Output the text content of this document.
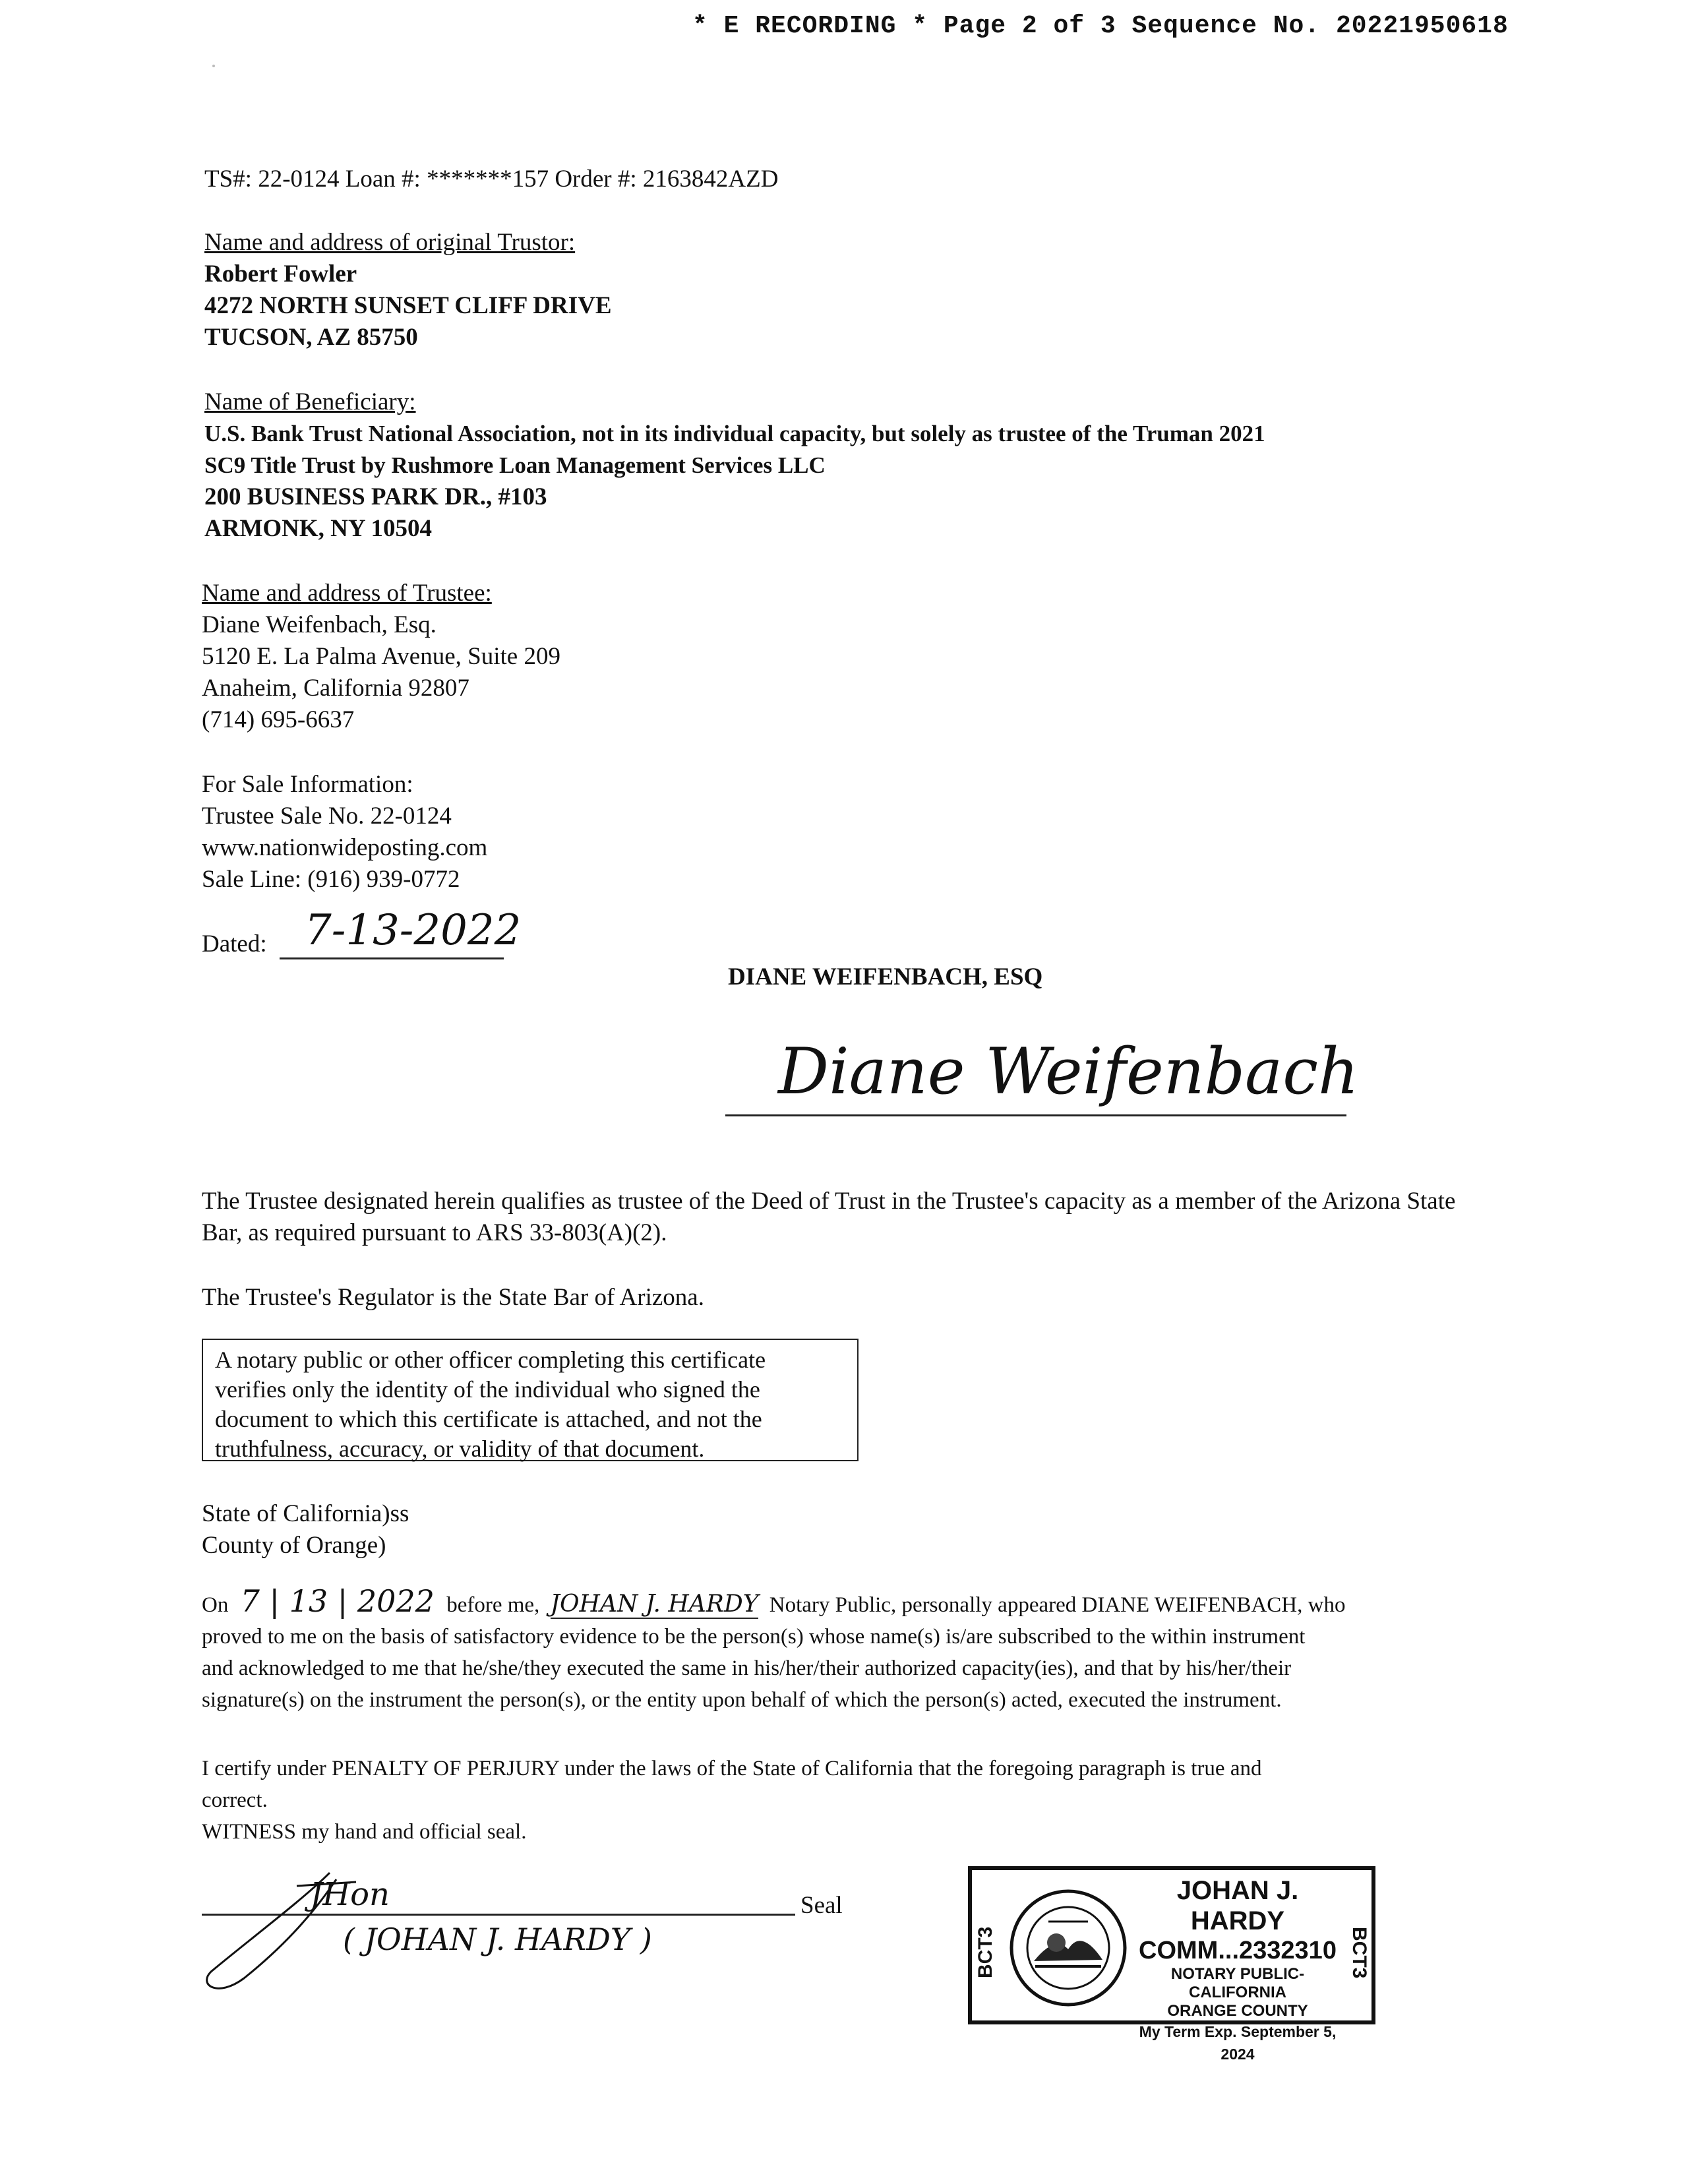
* E RECORDING * Page 2 of 3 Sequence No. 20221950618
TS#: 22-0124 Loan #: *******157 Order #: 2163842AZD
Name and address of original Trustor:
Robert Fowler
4272 NORTH SUNSET CLIFF DRIVE
TUCSON, AZ 85750
Name of Beneficiary:
U.S. Bank Trust National Association, not in its individual capacity, but solely as trustee of the Truman 2021
SC9 Title Trust by Rushmore Loan Management Services LLC
200 BUSINESS PARK DR., #103
ARMONK, NY 10504
Name and address of Trustee:
Diane Weifenbach, Esq.
5120 E. La Palma Avenue, Suite 209
Anaheim, California 92807
(714) 695-6637
For Sale Information:
Trustee Sale No. 22-0124
www.nationwideposting.com
Sale Line: (916) 939-0772
Dated: 7-13-2022
DIANE WEIFENBACH, ESQ
Diane Weifenbach
The Trustee designated herein qualifies as trustee of the Deed of Trust in the Trustee's capacity as a member of the Arizona State Bar, as required pursuant to ARS 33-803(A)(2).
The Trustee's Regulator is the State Bar of Arizona.
A notary public or other officer completing this certificate
verifies only the identity of the individual who signed the
document to which this certificate is attached, and not the
truthfulness, accuracy, or validity of that document.
State of California)ss
County of Orange)
On 7 | 13 | 2022 before me, JOHAN J. HARDY Notary Public, personally appeared DIANE WEIFENBACH, who
proved to me on the basis of satisfactory evidence to be the person(s) whose name(s) is/are subscribed to the within instrument
and acknowledged to me that he/she/they executed the same in his/her/their authorized capacity(ies), and that by his/her/their
signature(s) on the instrument the person(s), or the entity upon behalf of which the person(s) acted, executed the instrument.
I certify under PENALTY OF PERJURY under the laws of the State of California that the foregoing paragraph is true and
correct.
WITNESS my hand and official seal.
JHon
( JOHAN J. HARDY )
Seal
BCT3
JOHAN J. HARDY
COMM...2332310
NOTARY PUBLIC-CALIFORNIA
ORANGE COUNTY
My Term Exp. September 5, 2024
BCT3
